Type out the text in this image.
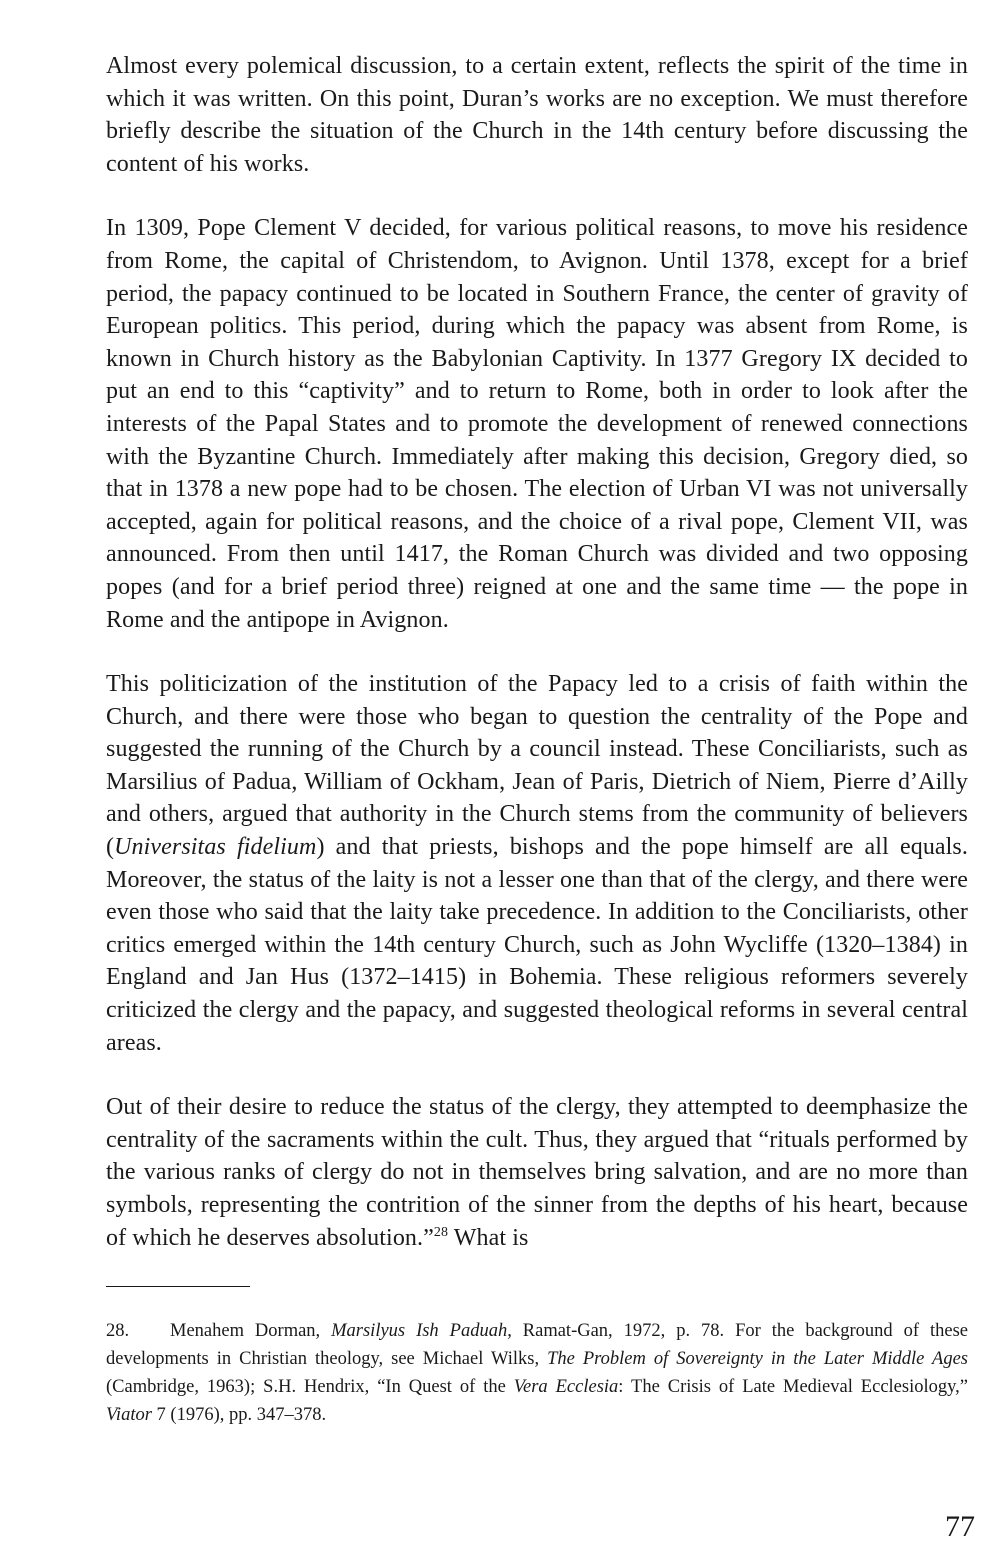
Almost every polemical discussion, to a certain extent, reflects the spirit of the time in which it was written. On this point, Duran’s works are no exception. We must therefore briefly describe the situation of the Church in the 14th century before discussing the content of his works.

In 1309, Pope Clement V decided, for various political reasons, to move his residence from Rome, the capital of Christendom, to Avignon. Until 1378, except for a brief period, the papacy continued to be located in Southern France, the center of gravity of European politics. This period, during which the papacy was absent from Rome, is known in Church history as the Babylonian Captivity. In 1377 Gregory IX decided to put an end to this “captivity” and to return to Rome, both in order to look after the interests of the Papal States and to promote the development of renewed connections with the Byzantine Church. Immediately after making this decision, Gregory died, so that in 1378 a new pope had to be chosen. The election of Urban VI was not universally accepted, again for political reasons, and the choice of a rival pope, Clement VII, was announced. From then until 1417, the Roman Church was divided and two opposing popes (and for a brief period three) reigned at one and the same time — the pope in Rome and the antipope in Avignon.

This politicization of the institution of the Papacy led to a crisis of faith within the Church, and there were those who began to question the centrality of the Pope and suggested the running of the Church by a council instead. These Conciliarists, such as Marsilius of Padua, William of Ockham, Jean of Paris, Dietrich of Niem, Pierre d’Ailly and others, argued that authority in the Church stems from the community of believers (Universitas fidelium) and that priests, bishops and the pope himself are all equals. Moreover, the status of the laity is not a lesser one than that of the clergy, and there were even those who said that the laity take precedence. In addition to the Conciliarists, other critics emerged within the 14th century Church, such as John Wycliffe (1320–1384) in England and Jan Hus (1372–1415) in Bohemia. These religious reformers severely criticized the clergy and the papacy, and suggested theological reforms in several central areas.

Out of their desire to reduce the status of the clergy, they attempted to deemphasize the centrality of the sacraments within the cult. Thus, they argued that “rituals performed by the various ranks of clergy do not in themselves bring salvation, and are no more than symbols, representing the contrition of the sinner from the depths of his heart, because of which he deserves absolution.”$^{28}$ What is

28. Menahem Dorman, Marsilyus Ish Paduah, Ramat-Gan, 1972, p. 78. For the background of these developments in Christian theology, see Michael Wilks, The Problem of Sovereignty in the Later Middle Ages (Cambridge, 1963); S.H. Hendrix, “In Quest of the Vera Ecclesia: The Crisis of Late Medieval Ecclesiology,” Viator 7 (1976), pp. 347–378.
77
